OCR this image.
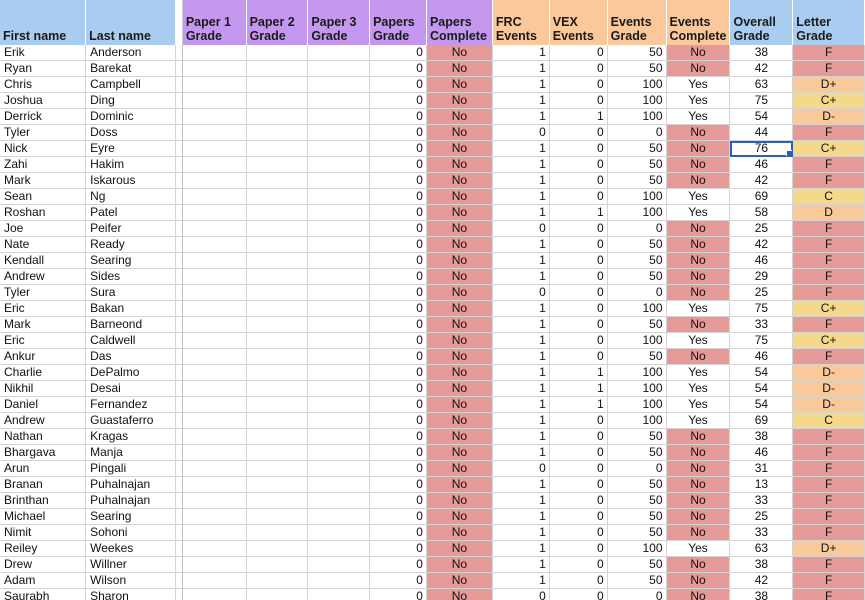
First name	Last name		Paper 1 Grade	Paper 2 Grade	Paper 3 Grade	Papers Grade	Papers Complete	FRC Events	VEX Events	Events Grade	Events Complete	Overall Grade	Letter Grade
Erik	Anderson					0	No	1	0	50	No	38	F
Ryan	Barekat					0	No	1	0	50	No	42	F
Chris	Campbell					0	No	1	0	100	Yes	63	D+
Joshua	Ding					0	No	1	0	100	Yes	75	C+
Derrick	Dominic					0	No	1	1	100	Yes	54	D-
Tyler	Doss					0	No	0	0	0	No	44	F
Nick	Eyre					0	No	1	0	50	No	76	C+
Zahi	Hakim					0	No	1	0	50	No	46	F
Mark	Iskarous					0	No	1	0	50	No	42	F
Sean	Ng					0	No	1	0	100	Yes	69	C
Roshan	Patel					0	No	1	1	100	Yes	58	D
Joe	Peifer					0	No	0	0	0	No	25	F
Nate	Ready					0	No	1	0	50	No	42	F
Kendall	Searing					0	No	1	0	50	No	46	F
Andrew	Sides					0	No	1	0	50	No	29	F
Tyler	Sura					0	No	0	0	0	No	25	F
Eric	Bakan					0	No	1	0	100	Yes	75	C+
Mark	Barneond					0	No	1	0	50	No	33	F
Eric	Caldwell					0	No	1	0	100	Yes	75	C+
Ankur	Das					0	No	1	0	50	No	46	F
Charlie	DePalmo					0	No	1	1	100	Yes	54	D-
Nikhil	Desai					0	No	1	1	100	Yes	54	D-
Daniel	Fernandez					0	No	1	1	100	Yes	54	D-
Andrew	Guastaferro					0	No	1	0	100	Yes	69	C
Nathan	Kragas					0	No	1	0	50	No	38	F
Bhargava	Manja					0	No	1	0	50	No	46	F
Arun	Pingali					0	No	0	0	0	No	31	F
Branan	Puhalnajan					0	No	1	0	50	No	13	F
Brinthan	Puhalnajan					0	No	1	0	50	No	33	F
Michael	Searing					0	No	1	0	50	No	25	F
Nimit	Sohoni					0	No	1	0	50	No	33	F
Reiley	Weekes					0	No	1	0	100	Yes	63	D+
Drew	Willner					0	No	1	0	50	No	38	F
Adam	Wilson					0	No	1	0	50	No	42	F
Saurabh	Sharon					0	No	0	0	0	No	38	F
